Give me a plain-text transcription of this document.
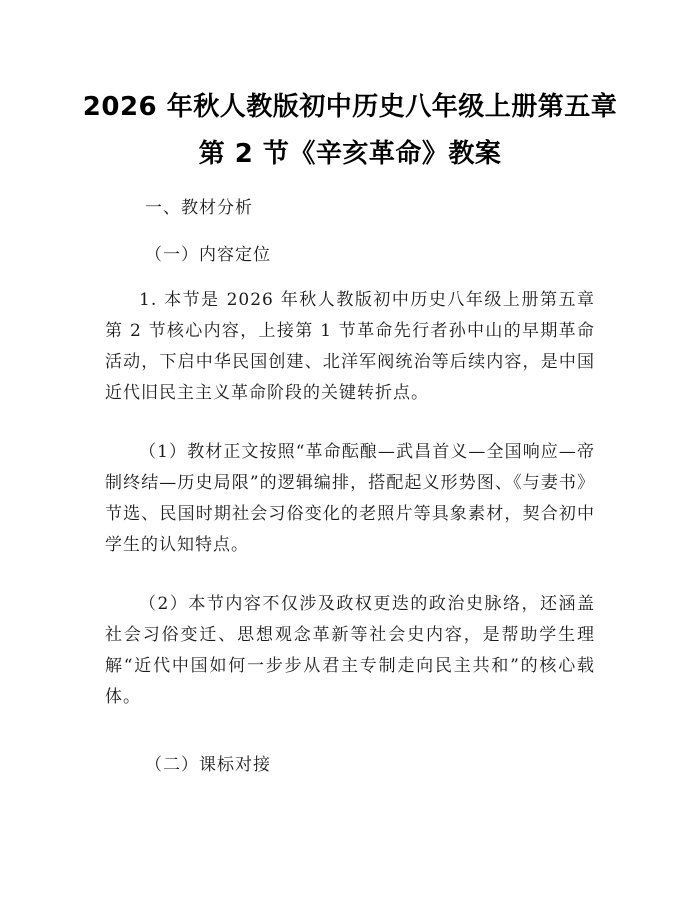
2026 年秋人教版初中历史八年级上册第五章
第 2 节《辛亥革命》教案
一、教材分析
（一）内容定位
1. 本节是 2026 年秋人教版初中历史八年级上册第五章第 2 节核心内容，上接第 1 节革命先行者孙中山的早期革命活动，下启中华民国创建、北洋军阀统治等后续内容，是中国近代旧民主主义革命阶段的关键转折点。
（1）教材正文按照“革命酝酿—武昌首义—全国响应—帝制终结—历史局限”的逻辑编排，搭配起义形势图、《与妻书》节选、民国时期社会习俗变化的老照片等具象素材，契合初中学生的认知特点。
（2）本节内容不仅涉及政权更迭的政治史脉络，还涵盖社会习俗变迁、思想观念革新等社会史内容，是帮助学生理解“近代中国如何一步步从君主专制走向民主共和”的核心载体。
（二）课标对接
